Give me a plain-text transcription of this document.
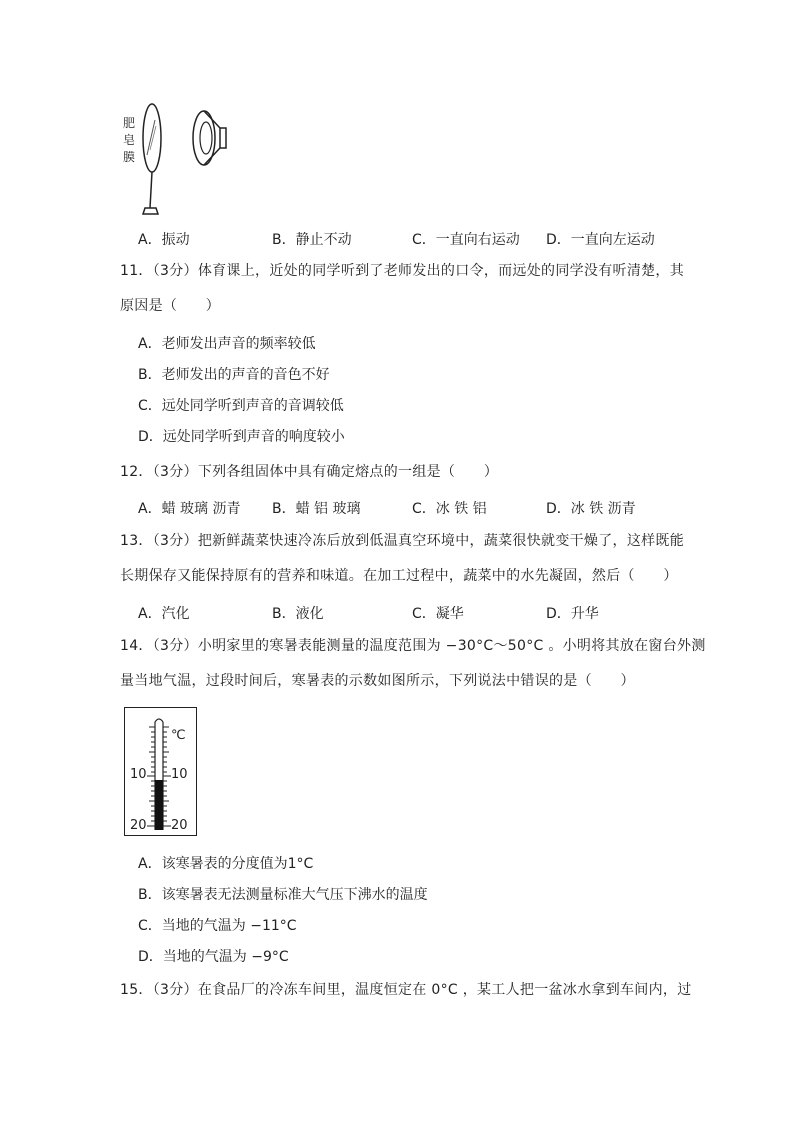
肥
皂
膜
A．振动	B．静止不动	C．一直向右运动 D．一直向左运动
11．（3分）体育课上，近处的同学听到了老师发出的口令，而远处的同学没有听清楚，其
原因是（　　）
A．老师发出声音的频率较低
B．老师发出的声音的音色不好
C．远处同学听到声音的音调较低
D．远处同学听到声音的响度较小
12．（3分）下列各组固体中具有确定熔点的一组是（　　）
A．蜡 玻璃 沥青 B．蜡 铝 玻璃	C．冰 铁 铝	D．冰 铁 沥青
13．（3分）把新鲜蔬菜快速冷冻后放到低温真空环境中，蔬菜很快就变干燥了，这样既能
长期保存又能保持原有的营养和味道。在加工过程中，蔬菜中的水先凝固，然后（　　）
A．汽化	B．液化	C．凝华	D．升华
14．（3分）小明家里的寒暑表能测量的温度范围为 −30°C～50°C 。小明将其放在窗台外测
量当地气温，过段时间后，寒暑表的示数如图所示，下列说法中错误的是（　　）
℃
10 10
20 20
A．该寒暑表的分度值为1°C
B．该寒暑表无法测量标准大气压下沸水的温度
C．当地的气温为 −11°C
D．当地的气温为 −9°C
15．（3分）在食品厂的冷冻车间里，温度恒定在 0°C ，某工人把一盆冰水拿到车间内，过
